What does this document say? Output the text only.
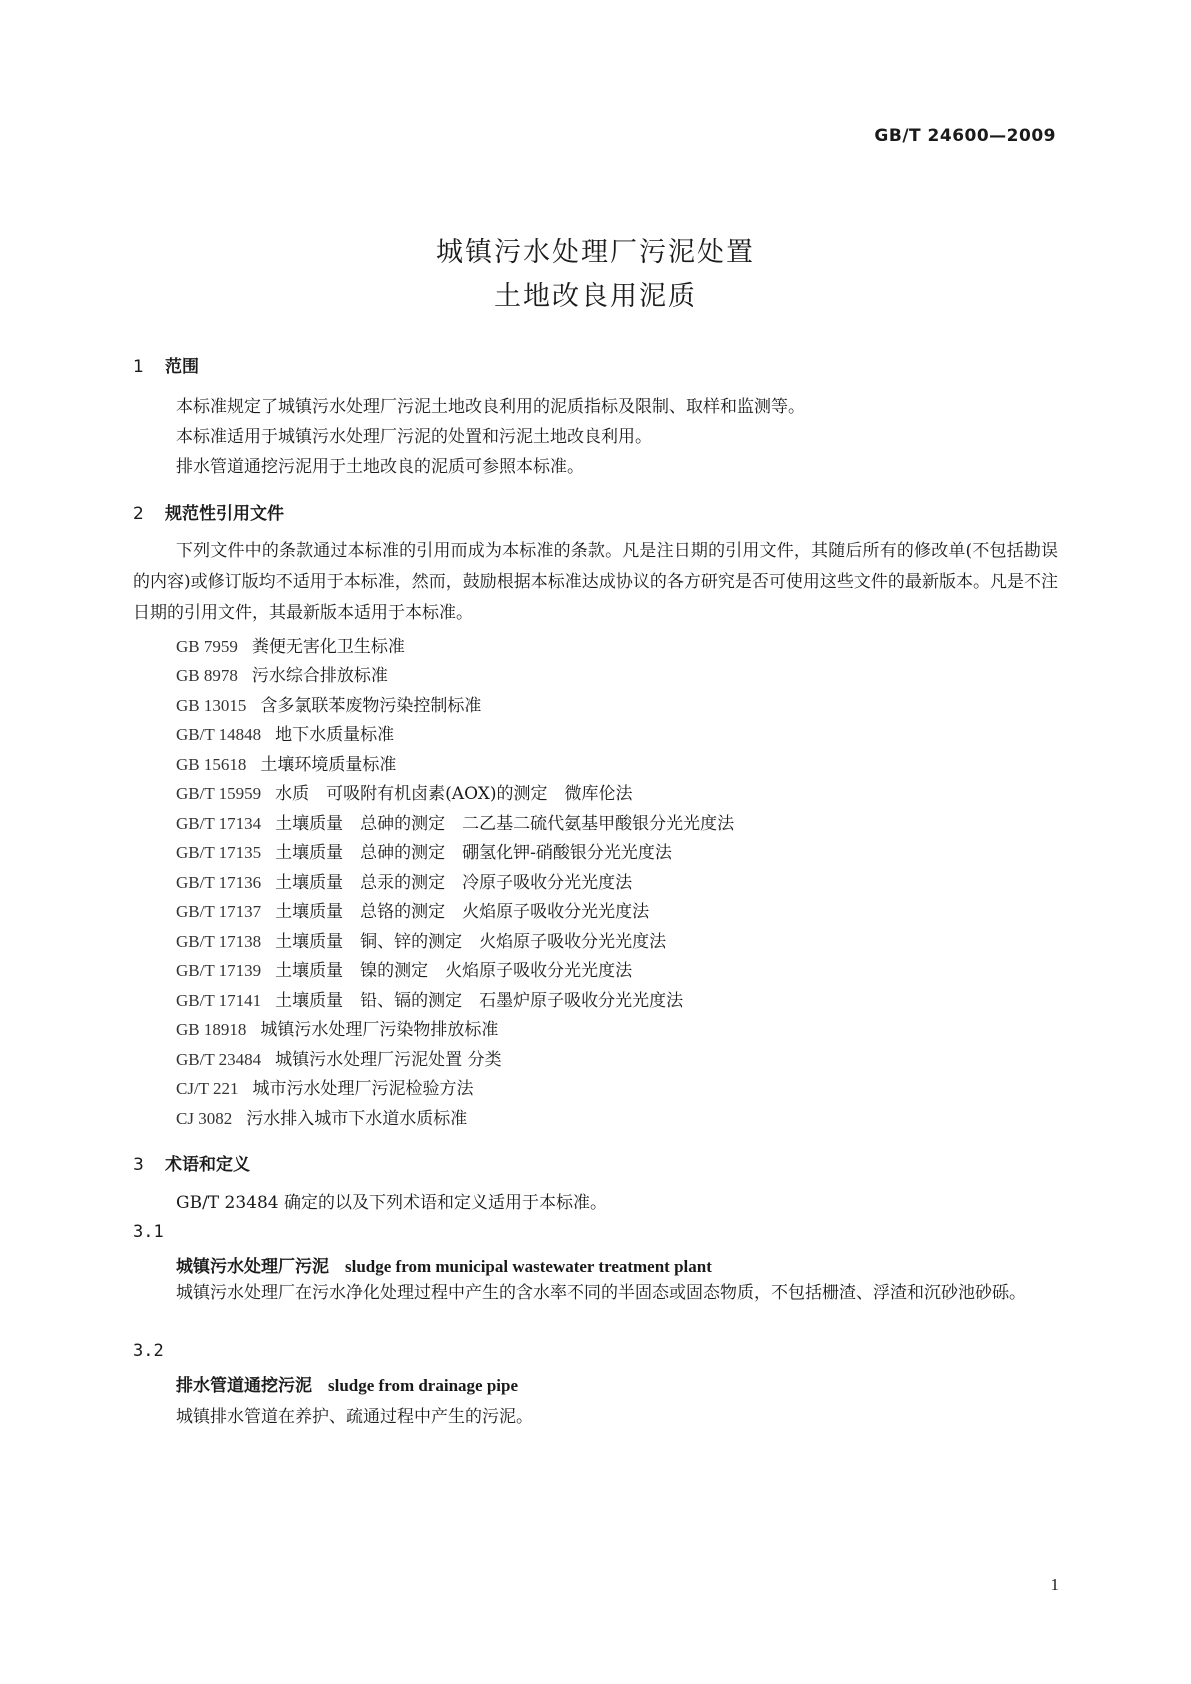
GB/T 24600—2009
城镇污水处理厂污泥处置
土地改良用泥质
1 范围
本标准规定了城镇污水处理厂污泥土地改良利用的泥质指标及限制、取样和监测等。
本标准适用于城镇污水处理厂污泥的处置和污泥土地改良利用。
排水管道通挖污泥用于土地改良的泥质可参照本标准。
2 规范性引用文件
下列文件中的条款通过本标准的引用而成为本标准的条款。凡是注日期的引用文件，其随后所有的修改单(不包括勘误的内容)或修订版均不适用于本标准，然而，鼓励根据本标准达成协议的各方研究是否可使用这些文件的最新版本。凡是不注日期的引用文件，其最新版本适用于本标准。
GB 7959 粪便无害化卫生标准
GB 8978 污水综合排放标准
GB 13015 含多氯联苯废物污染控制标准
GB/T 14848 地下水质量标准
GB 15618 土壤环境质量标准
GB/T 15959 水质　可吸附有机卤素(AOX)的测定　微库伦法
GB/T 17134 土壤质量　总砷的测定　二乙基二硫代氨基甲酸银分光光度法
GB/T 17135 土壤质量　总砷的测定　硼氢化钾-硝酸银分光光度法
GB/T 17136 土壤质量　总汞的测定　冷原子吸收分光光度法
GB/T 17137 土壤质量　总铬的测定　火焰原子吸收分光光度法
GB/T 17138 土壤质量　铜、锌的测定　火焰原子吸收分光光度法
GB/T 17139 土壤质量　镍的测定　火焰原子吸收分光光度法
GB/T 17141 土壤质量　铅、镉的测定　石墨炉原子吸收分光光度法
GB 18918 城镇污水处理厂污染物排放标准
GB/T 23484 城镇污水处理厂污泥处置 分类
CJ/T 221 城市污水处理厂污泥检验方法
CJ 3082 污水排入城市下水道水质标准
3 术语和定义
GB/T 23484 确定的以及下列术语和定义适用于本标准。
3.1
城镇污水处理厂污泥 sludge from municipal wastewater treatment plant
城镇污水处理厂在污水净化处理过程中产生的含水率不同的半固态或固态物质，不包括栅渣、浮渣和沉砂池砂砾。
3.2
排水管道通挖污泥 sludge from drainage pipe
城镇排水管道在养护、疏通过程中产生的污泥。
1
